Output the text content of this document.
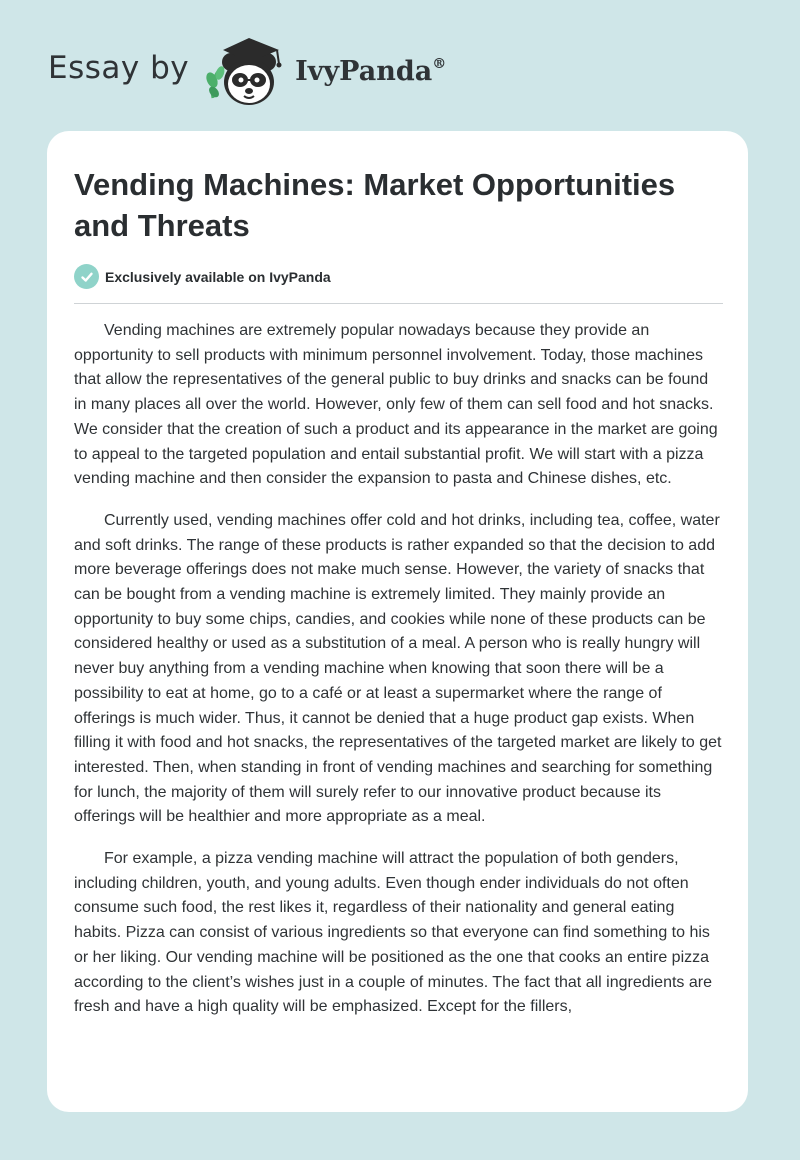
Essay by	IvyPanda®
Vending Machines: Market Opportunities and Threats
Exclusively available on IvyPanda

Vending machines are extremely popular nowadays because they provide an opportunity to sell products with minimum personnel involvement. Today, those machines that allow the representatives of the general public to buy drinks and snacks can be found in many places all over the world. However, only few of them can sell food and hot snacks. We consider that the creation of such a product and its appearance in the market are going to appeal to the targeted population and entail substantial profit. We will start with a pizza vending machine and then consider the expansion to pasta and Chinese dishes, etc.

Currently used, vending machines offer cold and hot drinks, including tea, coffee, water and soft drinks. The range of these products is rather expanded so that the decision to add more beverage offerings does not make much sense. However, the variety of snacks that can be bought from a vending machine is extremely limited. They mainly provide an opportunity to buy some chips, candies, and cookies while none of these products can be considered healthy or used as a substitution of a meal. A person who is really hungry will never buy anything from a vending machine when knowing that soon there will be a possibility to eat at home, go to a café or at least a supermarket where the range of offerings is much wider. Thus, it cannot be denied that a huge product gap exists. When filling it with food and hot snacks, the representatives of the targeted market are likely to get interested. Then, when standing in front of vending machines and searching for something for lunch, the majority of them will surely refer to our innovative product because its offerings will be healthier and more appropriate as a meal.

For example, a pizza vending machine will attract the population of both genders, including children, youth, and young adults. Even though ender individuals do not often consume such food, the rest likes it, regardless of their nationality and general eating habits. Pizza can consist of various ingredients so that everyone can find something to his or her liking. Our vending machine will be positioned as the one that cooks an entire pizza according to the client’s wishes just in a couple of minutes. The fact that all ingredients are fresh and have a high quality will be emphasized. Except for the fillers,
